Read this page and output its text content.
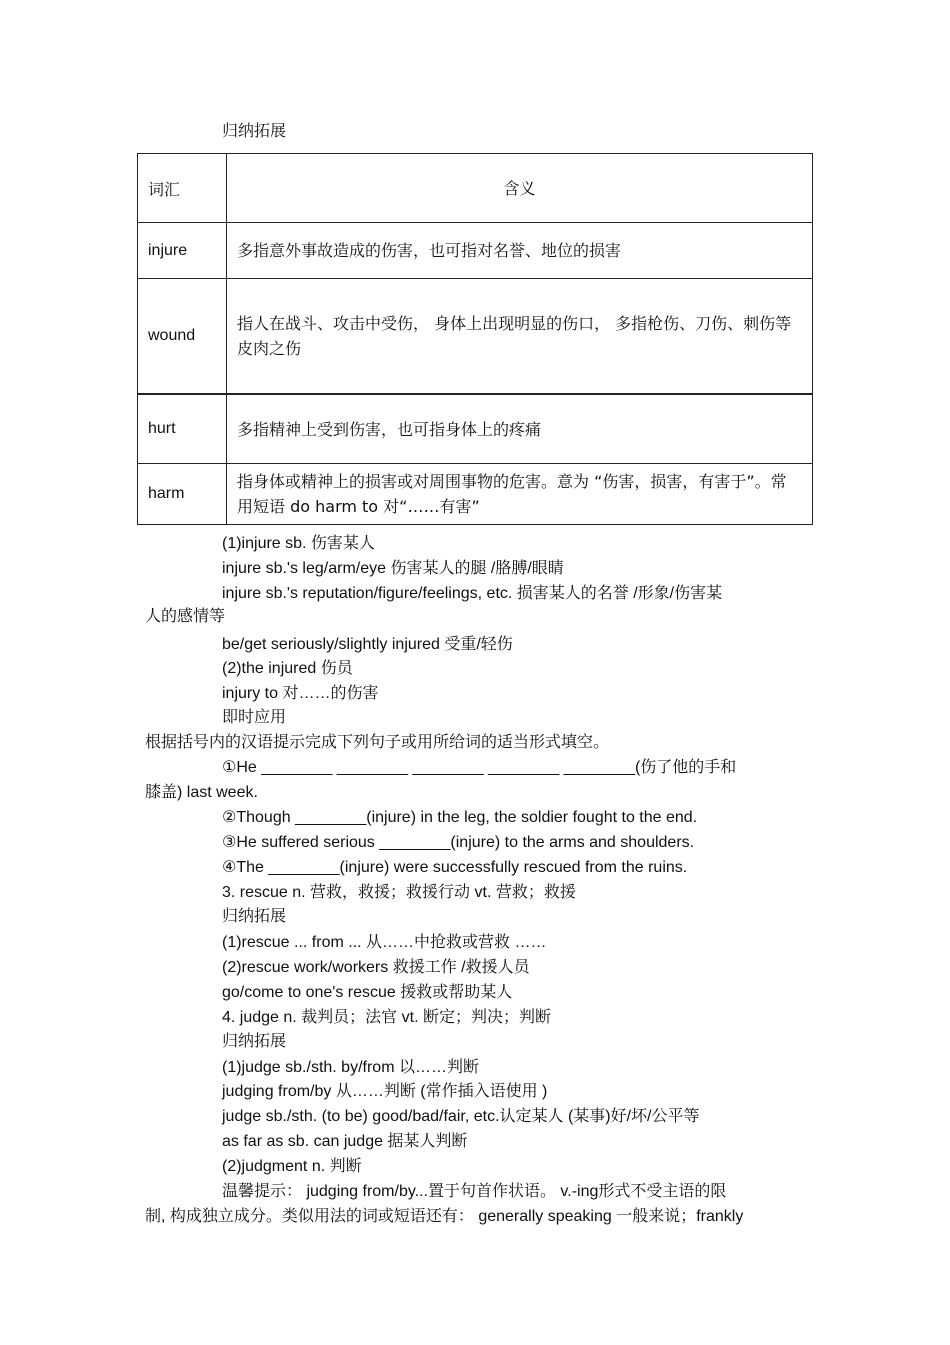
归纳拓展
词汇	含义
injure	多指意外事故造成的伤害，也可指对名誉、地位的损害
wound	指人在战斗、攻击中受伤， 身体上出现明显的伤口， 多指枪伤、刀伤、刺伤等皮肉之伤
hurt	多指精神上受到伤害，也可指身体上的疼痛
harm	指身体或精神上的损害或对周围事物的危害。意为 “伤害，损害，有害于”。常用短语 do harm to 对“……有害”
(1)injure sb. 伤害某人
injure sb.'s leg/arm/eye 伤害某人的腿 /胳膊/眼睛
injure sb.'s reputation/figure/feelings, etc. 损害某人的名誉 /形象/伤害某
人的感情等
be/get seriously/slightly injured 受重/轻伤
(2)the injured 伤员
injury to 对……的伤害
即时应用
根据括号内的汉语提示完成下列句子或用所给词的适当形式填空。
①He ________ ________ ________ ________ ________(伤了他的手和
膝盖) last week.
②Though ________(injure) in the leg, the soldier fought to the end.
③He suffered serious ________(injure) to the arms and shoulders.
④The ________(injure) were successfully rescued from the ruins.
3. rescue n. 营救，救援；救援行动 vt. 营救；救援
归纳拓展
(1)rescue ... from ... 从……中抢救或营救 ……
(2)rescue work/workers 救援工作 /救援人员
go/come to one's rescue 援救或帮助某人
4. judge n. 裁判员；法官 vt. 断定；判决；判断
归纳拓展
(1)judge sb./sth. by/from 以……判断
judging from/by 从……判断 (常作插入语使用 )
judge sb./sth. (to be) good/bad/fair, etc.认定某人 (某事)好/坏/公平等
as far as sb. can judge 据某人判断
(2)judgment n. 判断
温馨提示： judging from/by...置于句首作状语。 v.-ing形式不受主语的限
制, 构成独立成分。类似用法的词或短语还有： generally speaking 一般来说；frankly
